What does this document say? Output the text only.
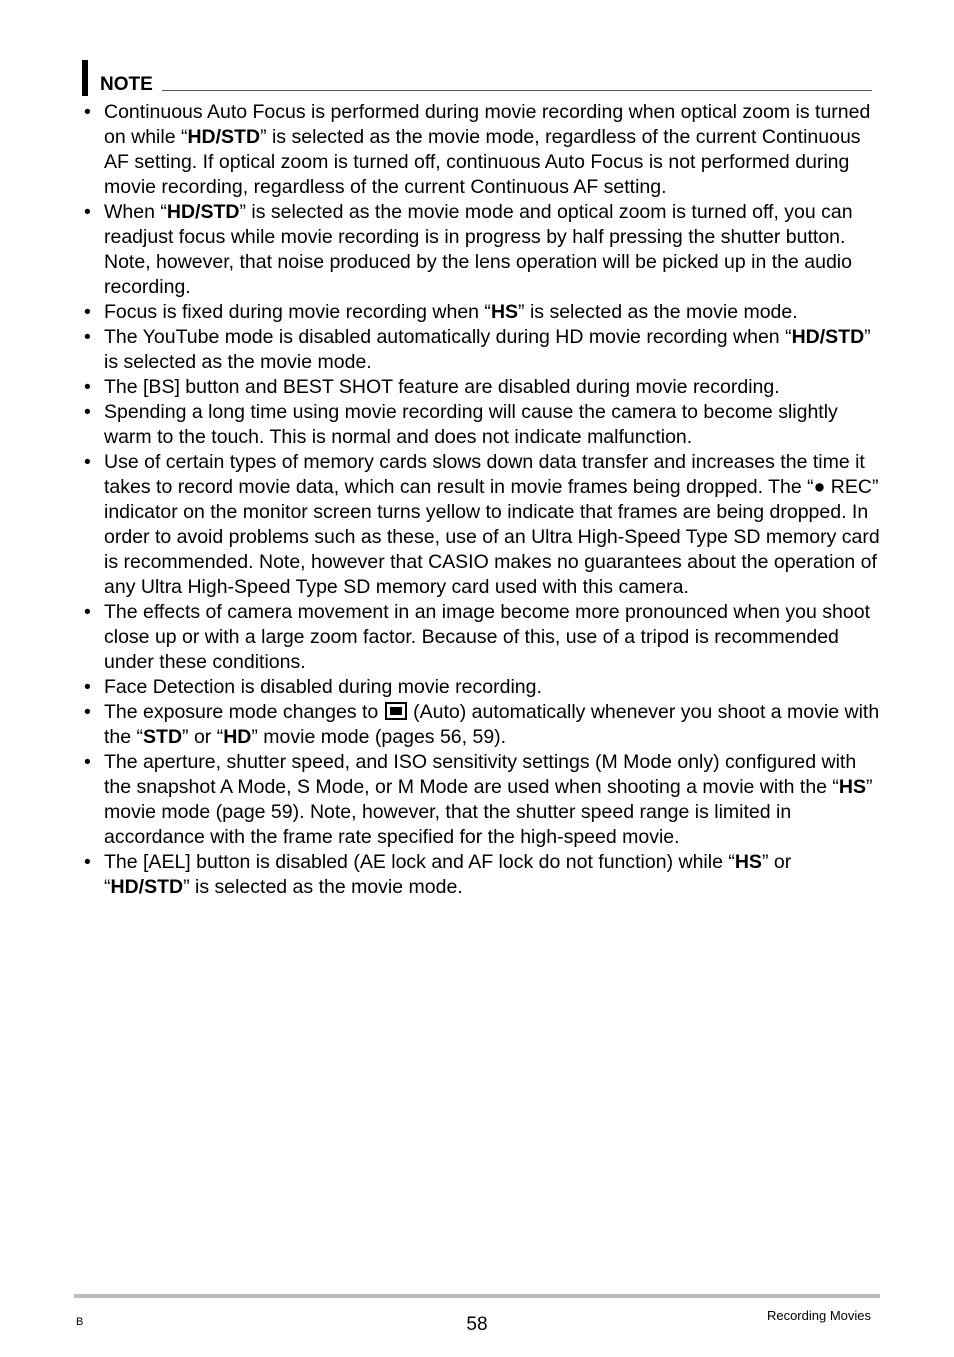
NOTE
• Continuous Auto Focus is performed during movie recording when optical zoom is turned on while “HD/STD” is selected as the movie mode, regardless of the current Continuous AF setting. If optical zoom is turned off, continuous Auto Focus is not performed during movie recording, regardless of the current Continuous AF setting.
• When “HD/STD” is selected as the movie mode and optical zoom is turned off, you can readjust focus while movie recording is in progress by half pressing the shutter button. Note, however, that noise produced by the lens operation will be picked up in the audio recording.
• Focus is fixed during movie recording when “HS” is selected as the movie mode.
• The YouTube mode is disabled automatically during HD movie recording when “HD/STD” is selected as the movie mode.
• The [BS] button and BEST SHOT feature are disabled during movie recording.
• Spending a long time using movie recording will cause the camera to become slightly warm to the touch. This is normal and does not indicate malfunction.
• Use of certain types of memory cards slows down data transfer and increases the time it takes to record movie data, which can result in movie frames being dropped. The “● REC” indicator on the monitor screen turns yellow to indicate that frames are being dropped. In order to avoid problems such as these, use of an Ultra High-Speed Type SD memory card is recommended. Note, however that CASIO makes no guarantees about the operation of any Ultra High-Speed Type SD memory card used with this camera.
• The effects of camera movement in an image become more pronounced when you shoot close up or with a large zoom factor. Because of this, use of a tripod is recommended under these conditions.
• Face Detection is disabled during movie recording.
• The exposure mode changes to  (Auto) automatically whenever you shoot a movie with the “STD” or “HD” movie mode (pages 56, 59).
• The aperture, shutter speed, and ISO sensitivity settings (M Mode only) configured with the snapshot A Mode, S Mode, or M Mode are used when shooting a movie with the “HS” movie mode (page 59). Note, however, that the shutter speed range is limited in accordance with the frame rate specified for the high-speed movie.
• The [AEL] button is disabled (AE lock and AF lock do not function) while “HS” or “HD/STD” is selected as the movie mode.
B	58	Recording Movies
